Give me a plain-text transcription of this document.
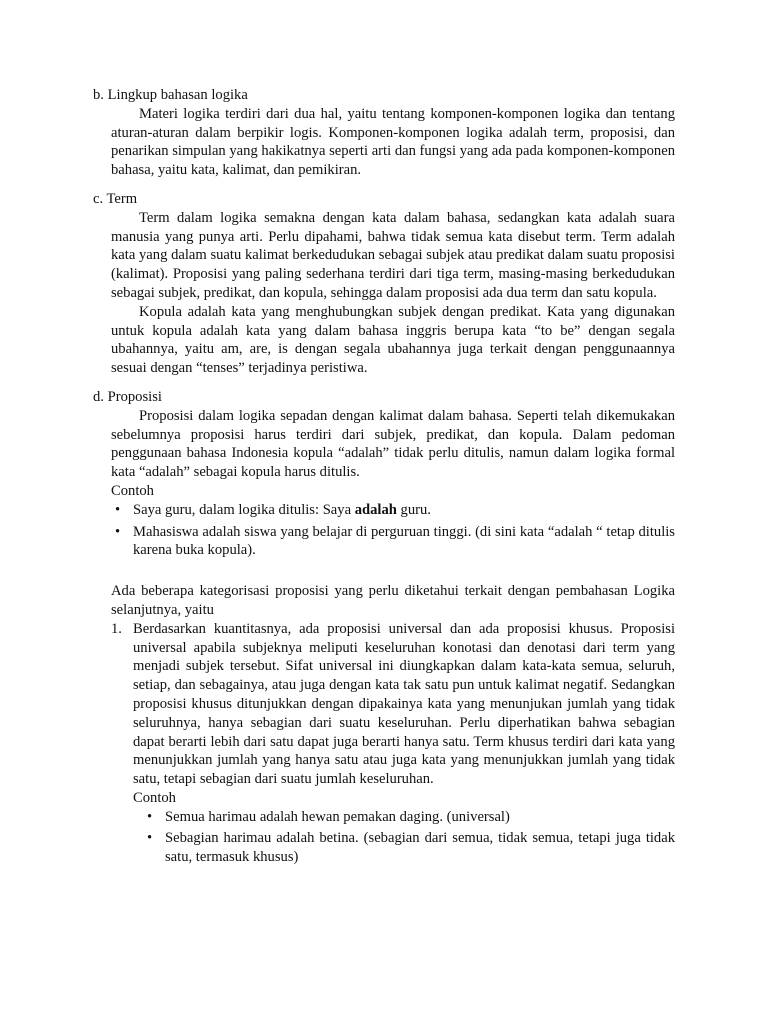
b. Lingkup bahasan logika

Materi logika terdiri dari dua hal, yaitu tentang komponen-komponen logika dan tentang aturan-aturan dalam berpikir logis. Komponen-komponen logika adalah term, proposisi, dan penarikan simpulan yang hakikatnya seperti arti dan fungsi yang ada pada komponen-komponen bahasa, yaitu kata, kalimat, dan pemikiran.

c. Term

Term dalam logika semakna dengan kata dalam bahasa, sedangkan kata adalah suara manusia yang punya arti. Perlu dipahami, bahwa tidak semua kata disebut term. Term adalah kata yang dalam suatu kalimat berkedudukan sebagai subjek atau predikat dalam suatu proposisi (kalimat). Proposisi yang paling sederhana terdiri dari tiga term, masing-masing berkedudukan sebagai subjek, predikat, dan kopula, sehingga dalam proposisi ada dua term dan satu kopula.

Kopula adalah kata yang menghubungkan subjek dengan predikat. Kata yang digunakan untuk kopula adalah kata yang dalam bahasa inggris berupa kata “to be” dengan segala ubahannya, yaitu am, are, is dengan segala ubahannya juga terkait dengan penggunaannya sesuai dengan “tenses” terjadinya peristiwa.

d. Proposisi

Proposisi dalam logika sepadan dengan kalimat dalam bahasa. Seperti telah dikemukakan sebelumnya proposisi harus terdiri dari subjek, predikat, dan kopula. Dalam pedoman penggunaan bahasa Indonesia kopula “adalah” tidak perlu ditulis, namun dalam logika formal kata “adalah” sebagai kopula harus ditulis.

Contoh

• Saya guru, dalam logika ditulis: Saya adalah guru.
• Mahasiswa adalah siswa yang belajar di perguruan tinggi. (di sini kata “adalah “ tetap ditulis karena buka kopula).

Ada beberapa kategorisasi proposisi yang perlu diketahui terkait dengan pembahasan Logika selanjutnya, yaitu

1. Berdasarkan kuantitasnya, ada proposisi universal dan ada proposisi khusus. Proposisi universal apabila subjeknya meliputi keseluruhan konotasi dan denotasi dari term yang menjadi subjek tersebut. Sifat universal ini diungkapkan dalam kata-kata semua, seluruh, setiap, dan sebagainya, atau juga dengan kata tak satu pun untuk kalimat negatif. Sedangkan proposisi khusus ditunjukkan dengan dipakainya kata yang menunjukan jumlah yang tidak seluruhnya, hanya sebagian dari suatu keseluruhan. Perlu diperhatikan bahwa sebagian dapat berarti lebih dari satu dapat juga berarti hanya satu. Term khusus terdiri dari kata yang menunjukkan jumlah yang hanya satu atau juga kata yang menunjukkan jumlah yang tidak satu, tetapi sebagian dari suatu jumlah keseluruhan.

Contoh

• Semua harimau adalah hewan pemakan daging. (universal)
• Sebagian harimau adalah betina. (sebagian dari semua, tidak semua, tetapi juga tidak satu, termasuk khusus)
